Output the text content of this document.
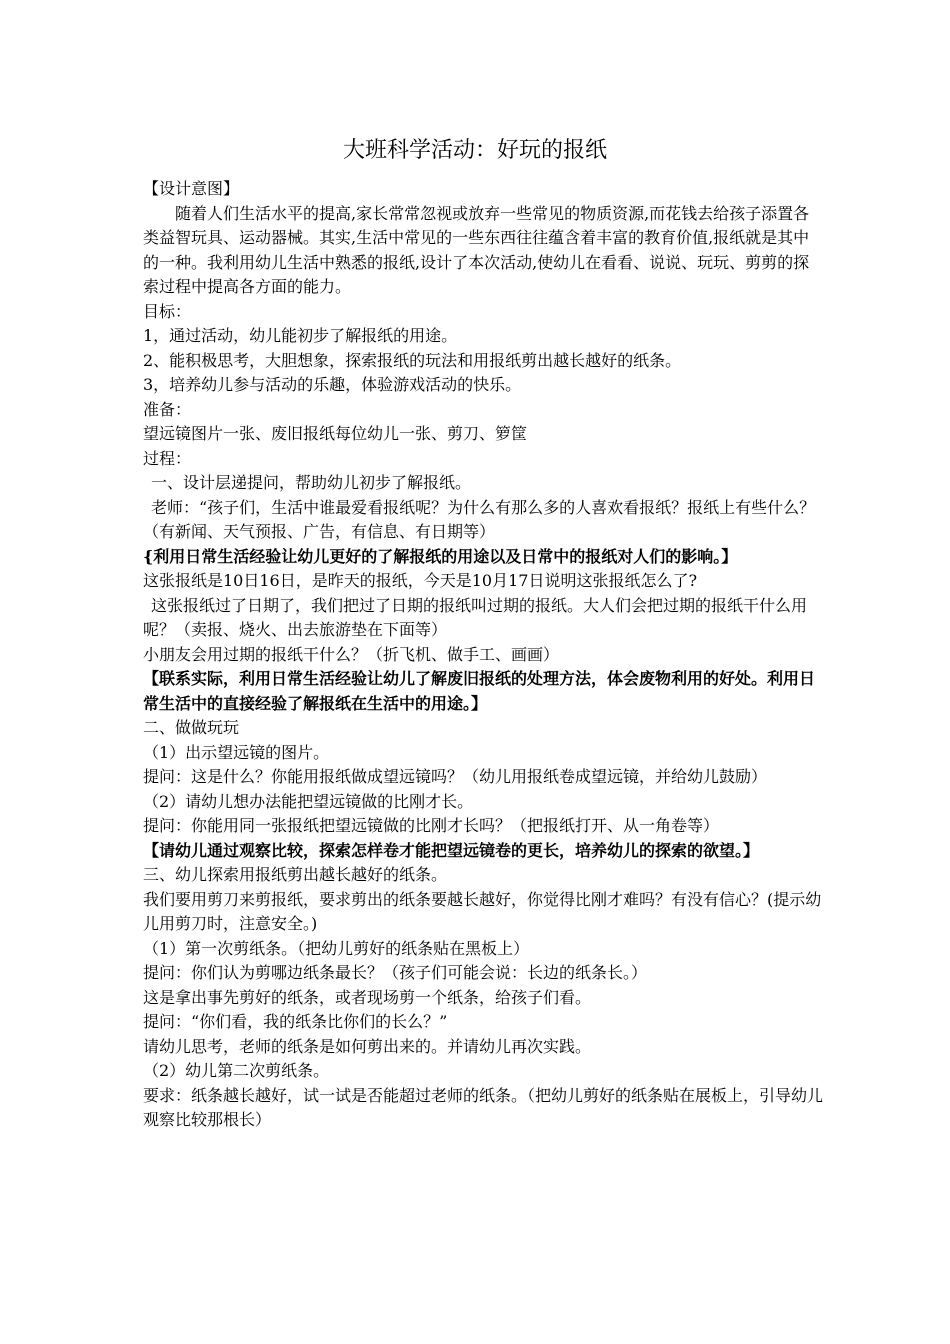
大班科学活动：好玩的报纸

【设计意图】

随着人们生活水平的提高,家长常常忽视或放弃一些常见的物质资源,而花钱去给孩子添置各类益智玩具、运动器械。其实,生活中常见的一些东西往往蕴含着丰富的教育价值,报纸就是其中的一种。我利用幼儿生活中熟悉的报纸,设计了本次活动,使幼儿在看看、说说、玩玩、剪剪的探索过程中提高各方面的能力。

目标：

1，通过活动，幼儿能初步了解报纸的用途。

2、能积极思考，大胆想象，探索报纸的玩法和用报纸剪出越长越好的纸条。

3，培养幼儿参与活动的乐趣，体验游戏活动的快乐。

准备：

望远镜图片一张、废旧报纸每位幼儿一张、剪刀、箩筐

过程：

一、设计层递提问，帮助幼儿初步了解报纸。

老师：“孩子们，生活中谁最爱看报纸呢？为什么有那么多的人喜欢看报纸？报纸上有些什么？（有新闻、天气预报、广告，有信息、有日期等）

{利用日常生活经验让幼儿更好的了解报纸的用途以及日常中的报纸对人们的影响。】

这张报纸是10日16日，是昨天的报纸，今天是10月17日说明这张报纸怎么了?

这张报纸过了日期了，我们把过了日期的报纸叫过期的报纸。大人们会把过期的报纸干什么用呢？（卖报、烧火、出去旅游垫在下面等）

小朋友会用过期的报纸干什么？（折飞机、做手工、画画）

【联系实际，利用日常生活经验让幼儿了解废旧报纸的处理方法，体会废物利用的好处。利用日常生活中的直接经验了解报纸在生活中的用途。】

二、做做玩玩

（1）出示望远镜的图片。

提问：这是什么？你能用报纸做成望远镜吗？（幼儿用报纸卷成望远镜，并给幼儿鼓励）

（2）请幼儿想办法能把望远镜做的比刚才长。

提问：你能用同一张报纸把望远镜做的比刚才长吗？（把报纸打开、从一角卷等）

【请幼儿通过观察比较，探索怎样卷才能把望远镜卷的更长，培养幼儿的探索的欲望。】

三、幼儿探索用报纸剪出越长越好的纸条。

我们要用剪刀来剪报纸，要求剪出的纸条要越长越好，你觉得比刚才难吗？有没有信心？(提示幼儿用剪刀时，注意安全。)

（1）第一次剪纸条。（把幼儿剪好的纸条贴在黑板上）

提问：你们认为剪哪边纸条最长？（孩子们可能会说：长边的纸条长。）

这是拿出事先剪好的纸条，或者现场剪一个纸条，给孩子们看。

提问：“你们看，我的纸条比你们的长么？”

请幼儿思考，老师的纸条是如何剪出来的。并请幼儿再次实践。

（2）幼儿第二次剪纸条。

要求：纸条越长越好，试一试是否能超过老师的纸条。（把幼儿剪好的纸条贴在展板上，引导幼儿观察比较那根长）
